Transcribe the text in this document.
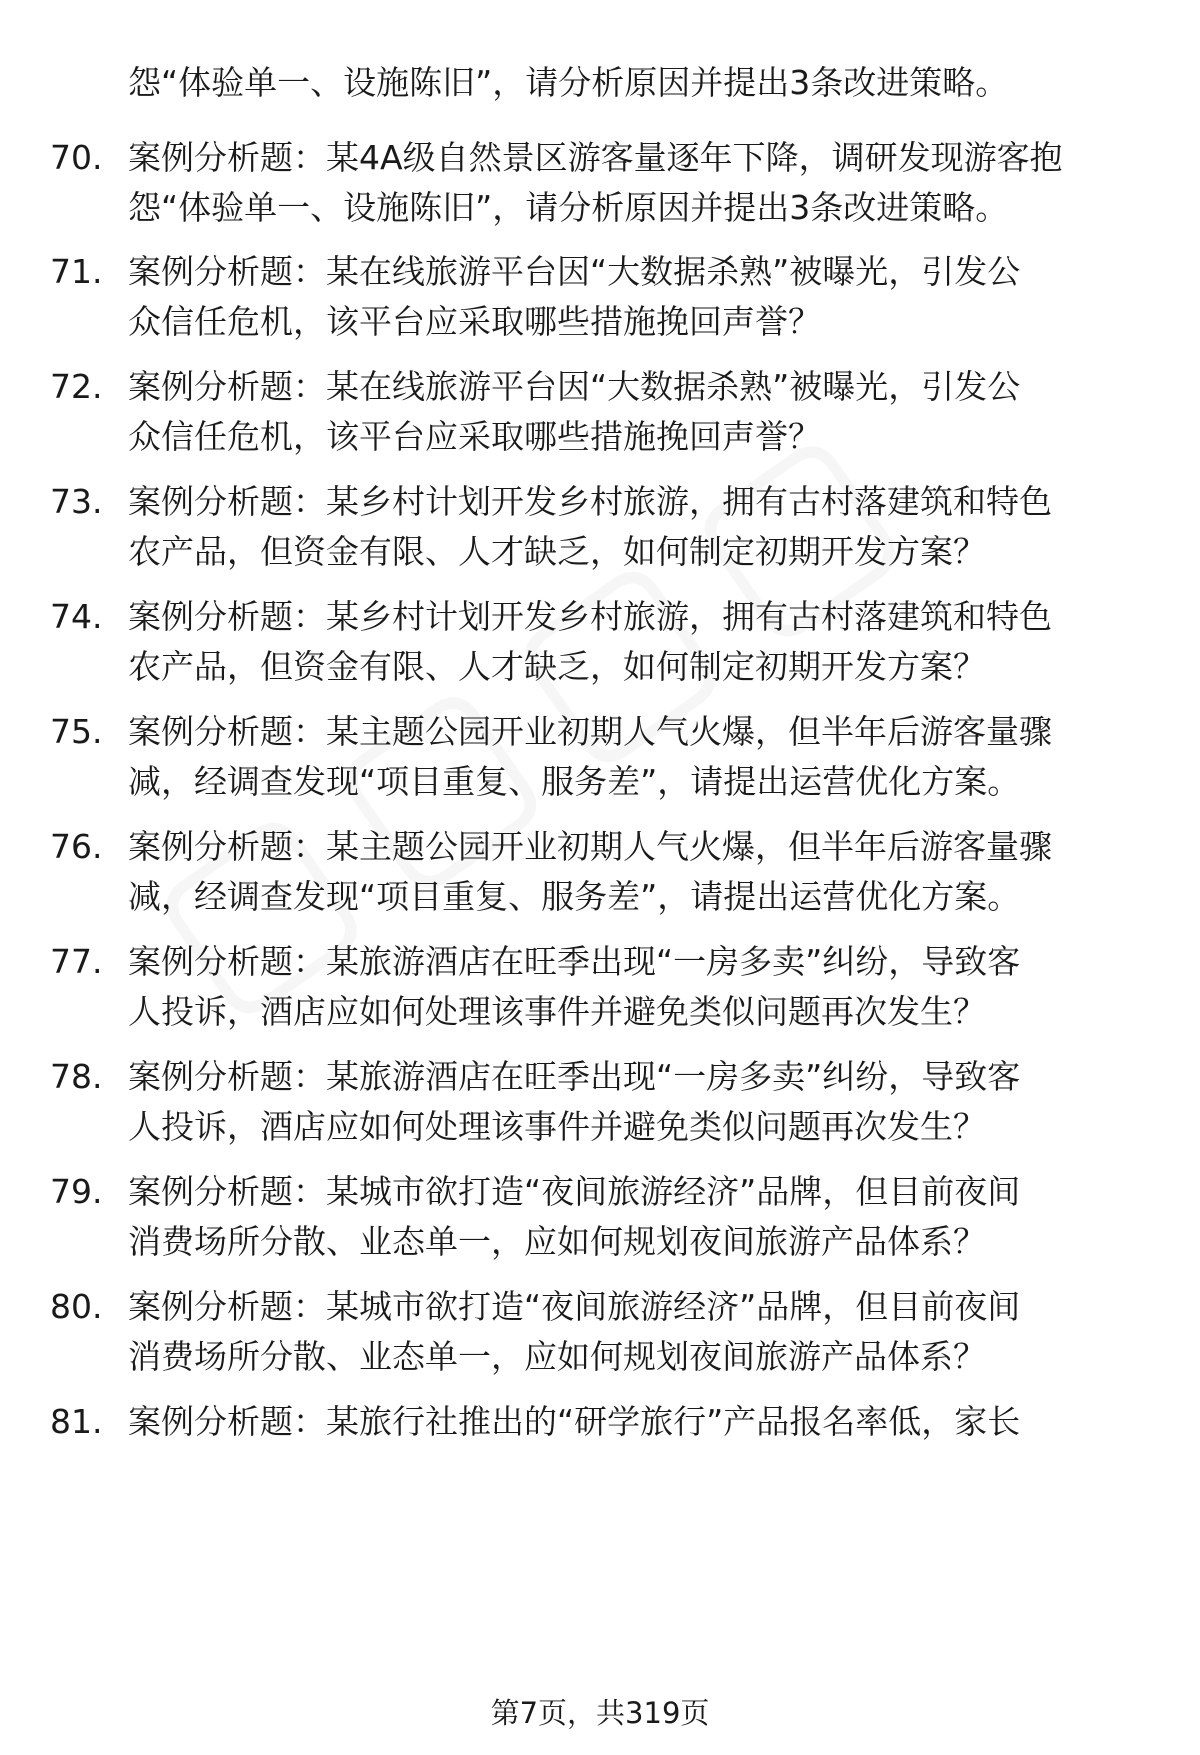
怨“体验单一、设施陈旧”，请分析原因并提出3条改进策略。
70. 案例分析题：某4A级自然景区游客量逐年下降，调研发现游客抱
怨“体验单一、设施陈旧”，请分析原因并提出3条改进策略。
71. 案例分析题：某在线旅游平台因“大数据杀熟”被曝光，引发公
众信任危机，该平台应采取哪些措施挽回声誉？
72. 案例分析题：某在线旅游平台因“大数据杀熟”被曝光，引发公
众信任危机，该平台应采取哪些措施挽回声誉？
73. 案例分析题：某乡村计划开发乡村旅游，拥有古村落建筑和特色
农产品，但资金有限、人才缺乏，如何制定初期开发方案？
74. 案例分析题：某乡村计划开发乡村旅游，拥有古村落建筑和特色
农产品，但资金有限、人才缺乏，如何制定初期开发方案？
75. 案例分析题：某主题公园开业初期人气火爆，但半年后游客量骤
减，经调查发现“项目重复、服务差”，请提出运营优化方案。
76. 案例分析题：某主题公园开业初期人气火爆，但半年后游客量骤
减，经调查发现“项目重复、服务差”，请提出运营优化方案。
77. 案例分析题：某旅游酒店在旺季出现“一房多卖”纠纷，导致客
人投诉，酒店应如何处理该事件并避免类似问题再次发生？
78. 案例分析题：某旅游酒店在旺季出现“一房多卖”纠纷，导致客
人投诉，酒店应如何处理该事件并避免类似问题再次发生？
79. 案例分析题：某城市欲打造“夜间旅游经济”品牌，但目前夜间
消费场所分散、业态单一，应如何规划夜间旅游产品体系？
80. 案例分析题：某城市欲打造“夜间旅游经济”品牌，但目前夜间
消费场所分散、业态单一，应如何规划夜间旅游产品体系？
81. 案例分析题：某旅行社推出的“研学旅行”产品报名率低，家长
第7页，共319页
